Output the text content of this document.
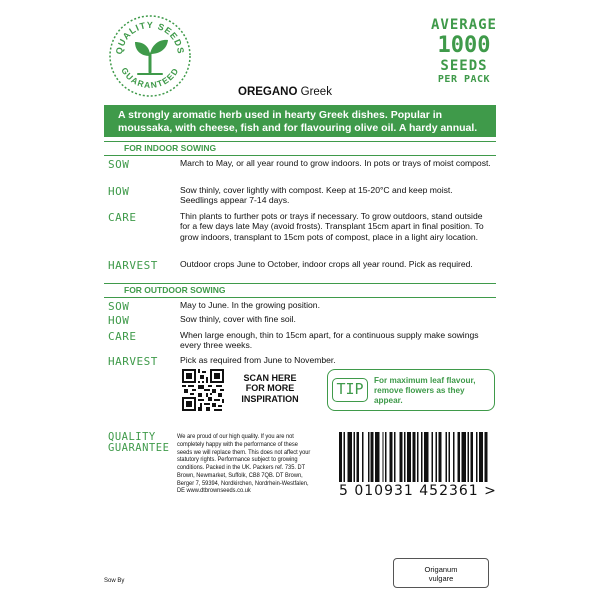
QUALITY SEEDS
GUARANTEED
AVERAGE
1000
SEEDS
PER PACK
OREGANO Greek
A strongly aromatic herb used in hearty Greek dishes. Popular in moussaka, with cheese, fish and for flavouring olive oil. A hardy annual.
FOR INDOOR SOWING
SOW	March to May, or all year round to grow indoors. In pots or trays of moist compost.
HOW	Sow thinly, cover lightly with compost. Keep at 15-20°C and keep moist. Seedlings appear 7-14 days.
CARE	Thin plants to further pots or trays if necessary. To grow outdoors, stand outside for a few days late May (avoid frosts). Transplant 15cm apart in final position. To grow indoors, transplant to 15cm pots of compost, place in a light airy location.
HARVEST	Outdoor crops June to October, indoor crops all year round. Pick as required.
FOR OUTDOOR SOWING
SOW	May to June. In the growing position.
HOW	Sow thinly, cover with fine soil.
CARE	When large enough, thin to 15cm apart, for a continuous supply make sowings every three weeks.
HARVEST	Pick as required from June to November.
SCAN HERE
FOR MORE
INSPIRATION
TIP	For maximum leaf flavour, remove flowers as they appear.
QUALITY
GUARANTEE
We are proud of our high quality. If you are not completely happy with the performance of these seeds we will replace them. This does not affect your statutory rights. Performance subject to growing conditions. Packed in the UK. Packers ref. 735. DT Brown, Newmarket, Suffolk, CB8 7QB. DT Brown, Berger 7, 59394, Nordkirchen, Nordrhein-Westfalen, DE www.dtbrownseeds.co.uk	5 010931 452361 >
Sow By
Origanum
vulgare
